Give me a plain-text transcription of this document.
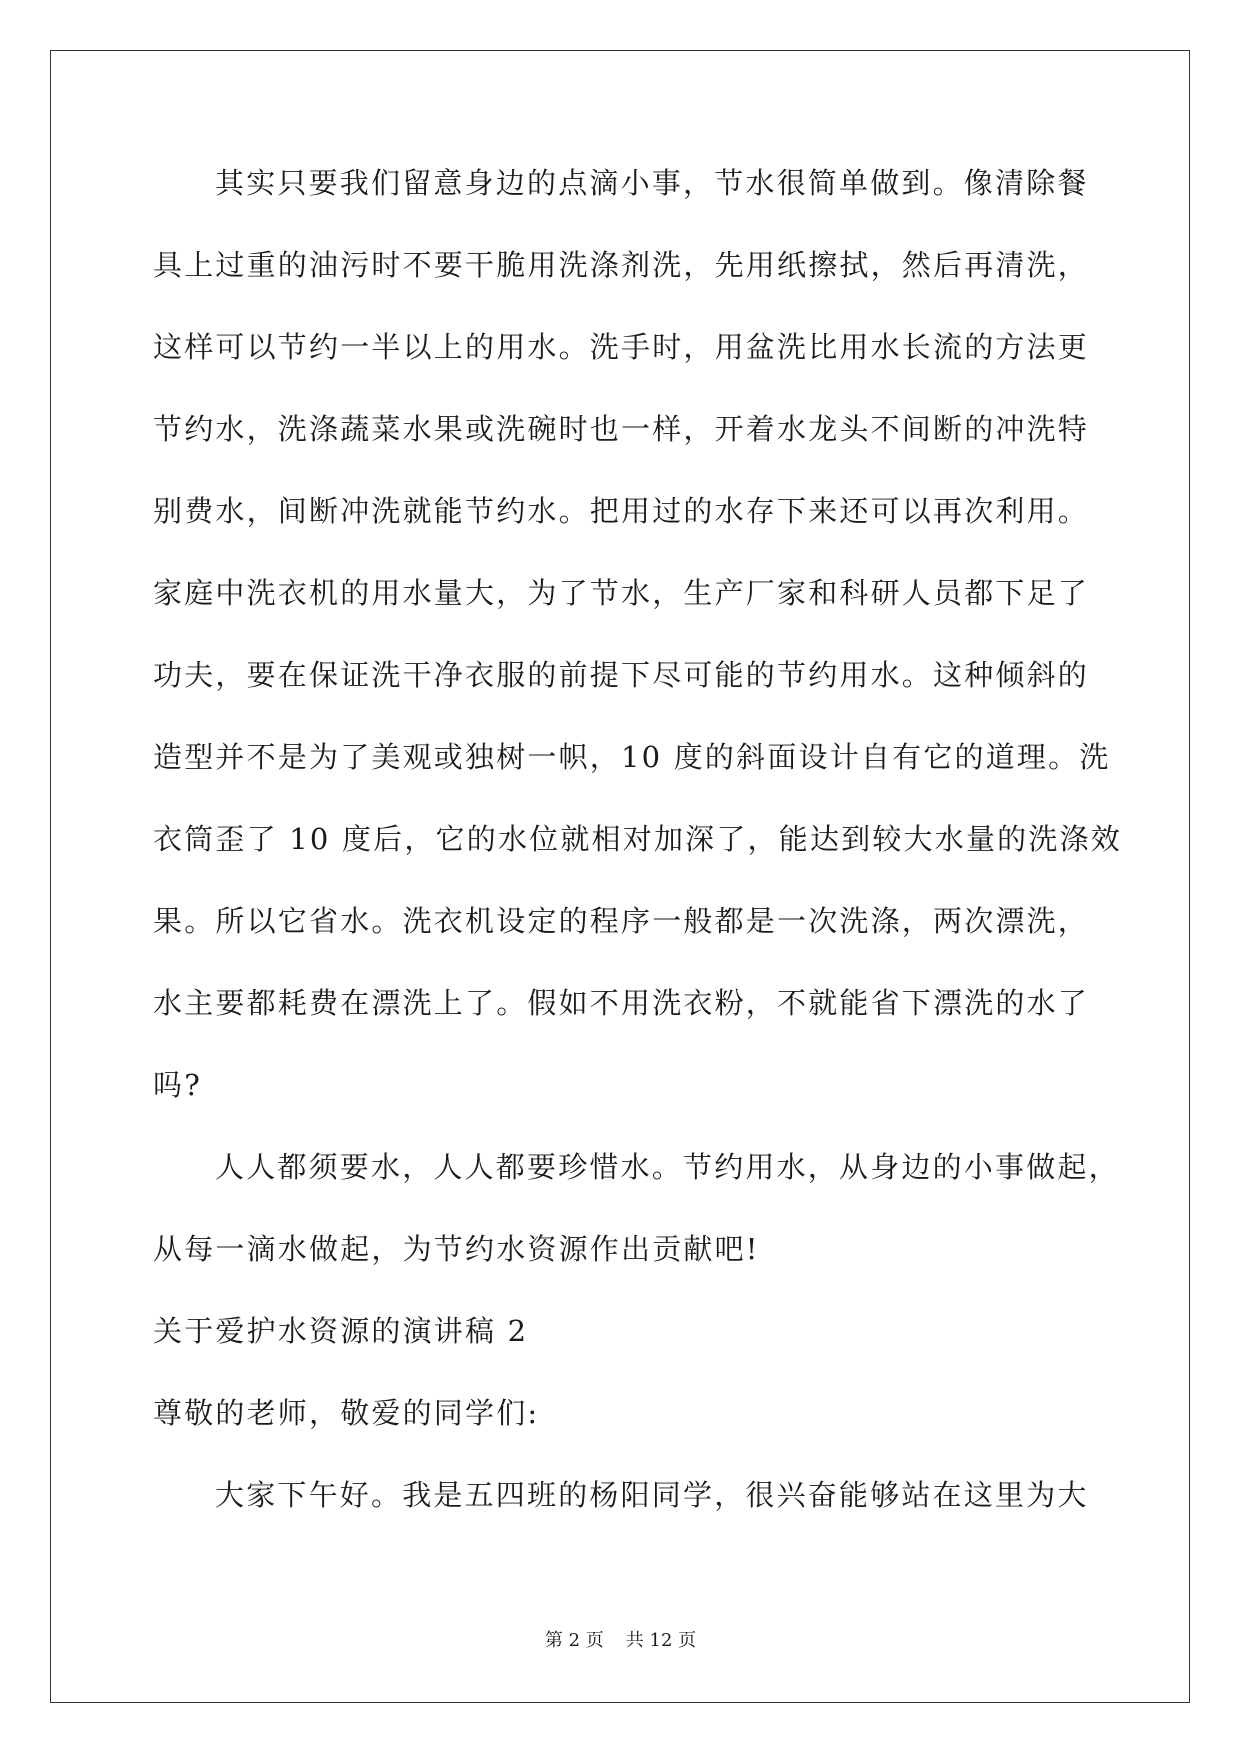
其实只要我们留意身边的点滴小事，节水很简单做到。像清除餐
具上过重的油污时不要干脆用洗涤剂洗，先用纸擦拭，然后再清洗，
这样可以节约一半以上的用水。洗手时，用盆洗比用水长流的方法更
节约水，洗涤蔬菜水果或洗碗时也一样，开着水龙头不间断的冲洗特
别费水，间断冲洗就能节约水。把用过的水存下来还可以再次利用。
家庭中洗衣机的用水量大，为了节水，生产厂家和科研人员都下足了
功夫，要在保证洗干净衣服的前提下尽可能的节约用水。这种倾斜的
造型并不是为了美观或独树一帜，10 度的斜面设计自有它的道理。洗
衣筒歪了 10 度后，它的水位就相对加深了，能达到较大水量的洗涤效
果。所以它省水。洗衣机设定的程序一般都是一次洗涤，两次漂洗，
水主要都耗费在漂洗上了。假如不用洗衣粉，不就能省下漂洗的水了
吗?
人人都须要水，人人都要珍惜水。节约用水，从身边的小事做起，
从每一滴水做起，为节约水资源作出贡献吧!
关于爱护水资源的演讲稿 2
尊敬的老师，敬爱的同学们:
大家下午好。我是五四班的杨阳同学，很兴奋能够站在这里为大
第 2 页 共 12 页
